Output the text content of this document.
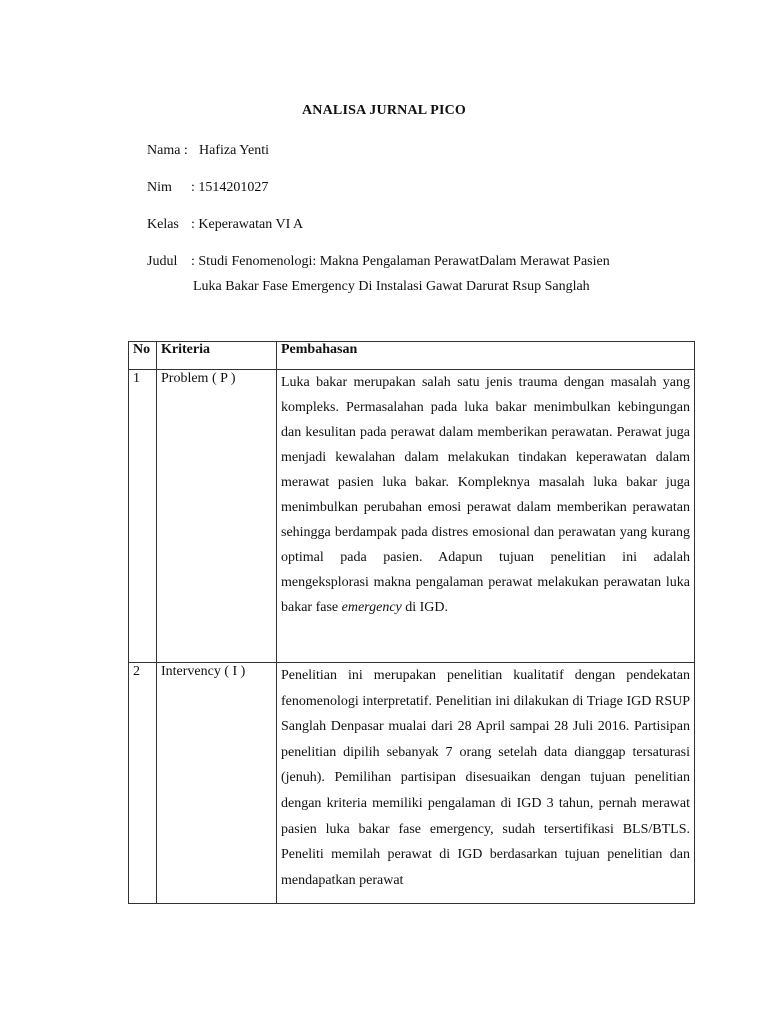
ANALISA JURNAL PICO
Nama : Hafiza Yenti
Nim : 1514201027
Kelas : Keperawatan VI A
Judul : Studi Fenomenologi: Makna Pengalaman PerawatDalam Merawat Pasien
Luka Bakar Fase Emergency Di Instalasi Gawat Darurat Rsup Sanglah
No	Kriteria	Pembahasan
1	Problem ( P )	Luka bakar merupakan salah satu jenis trauma dengan masalah yang kompleks. Permasalahan pada luka bakar menimbulkan kebingungan dan kesulitan pada perawat dalam memberikan perawatan. Perawat juga menjadi kewalahan dalam melakukan tindakan keperawatan dalam merawat pasien luka bakar. Kompleknya masalah luka bakar juga menimbulkan perubahan emosi perawat dalam memberikan perawatan sehingga berdampak pada distres emosional dan perawatan yang kurang optimal pada pasien. Adapun tujuan penelitian ini adalah mengeksplorasi makna pengalaman perawat melakukan perawatan luka bakar fase emergency di IGD.

2	Intervency ( I )	Penelitian ini merupakan penelitian kualitatif dengan pendekatan fenomenologi interpretatif. Penelitian ini dilakukan di Triage IGD RSUP Sanglah Denpasar mualai dari 28 April sampai 28 Juli 2016. Partisipan penelitian dipilih sebanyak 7 orang setelah data dianggap tersaturasi (jenuh). Pemilihan partisipan disesuaikan dengan tujuan penelitian dengan kriteria memiliki pengalaman di IGD 3 tahun, pernah merawat pasien luka bakar fase emergency, sudah tersertifikasi BLS/BTLS. Peneliti memilah perawat di IGD berdasarkan tujuan penelitian dan mendapatkan perawat
